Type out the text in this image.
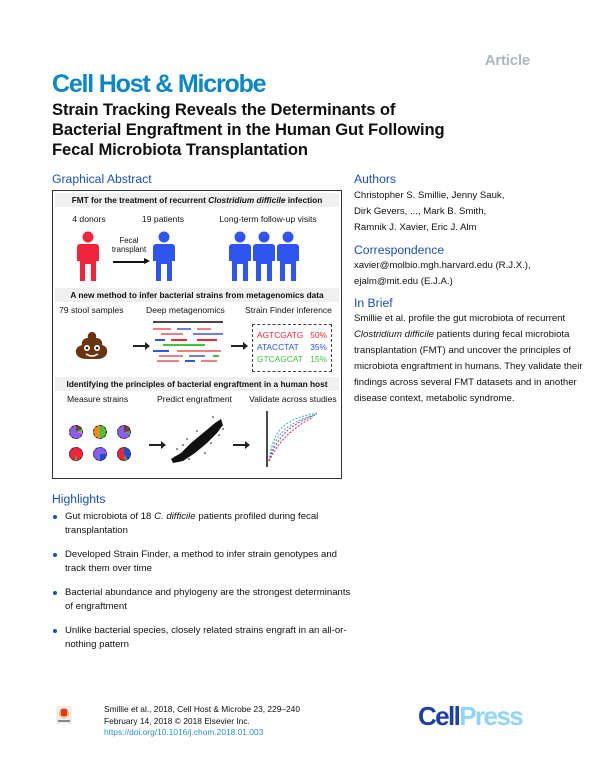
Article
Cell Host & Microbe
Strain Tracking Reveals the Determinants of
Bacterial Engraftment in the Human Gut Following
Fecal Microbiota Transplantation
Graphical Abstract
FMT for the treatment of recurrent Clostridium difficile infection
4 donors	19 patients	Long-term follow-up visits
Fecal
transplant
A new method to infer bacterial strains from metagenomics data
79 stool samples	Deep metagenomics Strain Finder inference
AGTCGATG 50%
ATACCTAT 35%
GTCAGCAT 15%
Identifying the principles of bacterial engraftment in a human host
Measure strains	Predict engraftment Validate across studies
Authors
Christopher S. Smillie, Jenny Sauk,
Dirk Gevers, ..., Mark B. Smith,
Ramnik J. Xavier, Eric J. Alm
Correspondence
xavier@molbio.mgh.harvard.edu (R.J.X.),
ejalm@mit.edu (E.J.A.)
In Brief
Smillie et al. profile the gut microbiota of recurrent Clostridium difficile patients during fecal microbiota transplantation (FMT) and uncover the principles of microbiota engraftment in humans. They validate their findings across several FMT datasets and in another disease context, metabolic syndrome.
Highlights
Gut microbiota of 18 C. difficile patients profiled during fecal transplantation
Developed Strain Finder, a method to infer strain genotypes and track them over time
Bacterial abundance and phylogeny are the strongest determinants of engraftment
Unlike bacterial species, closely related strains engraft in an all-or-nothing pattern
Smillie et al., 2018, Cell Host & Microbe 23, 229–240
February 14, 2018 © 2018 Elsevier Inc.
https://doi.org/10.1016/j.chom.2018.01.003
CellPress
